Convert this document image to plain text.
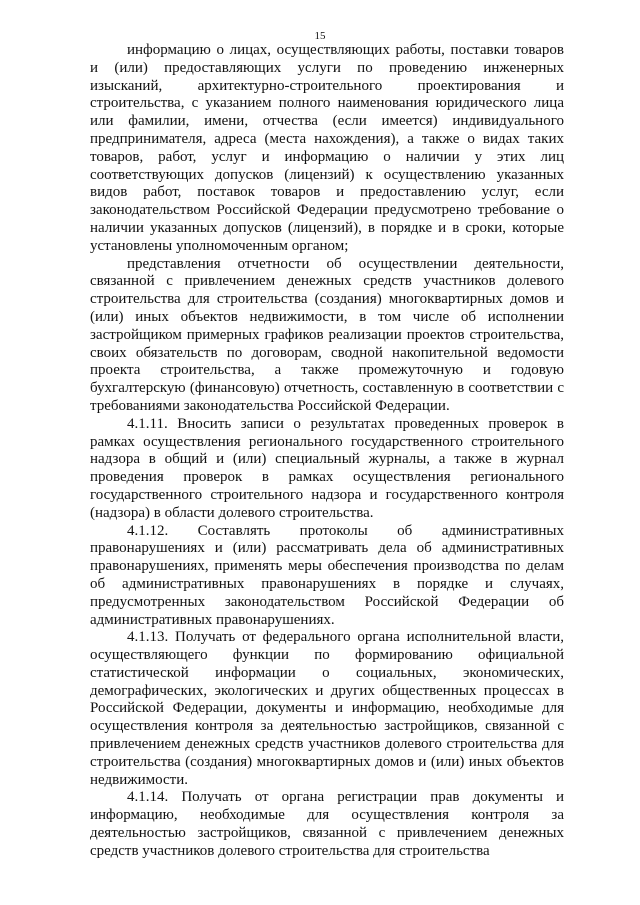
15

информацию о лицах, осуществляющих работы, поставки товаров и (или) предоставляющих услуги по проведению инженерных изысканий, архитектурно-строительного проектирования и строительства, с указанием полного наименования юридического лица или фамилии, имени, отчества (если имеется) индивидуального предпринимателя, адреса (места нахождения), а также о видах таких товаров, работ, услуг и информацию о наличии у этих лиц соответствующих допусков (лицензий) к осуществлению указанных видов работ, поставок товаров и предоставлению услуг, если законодательством Российской Федерации предусмотрено требование о наличии указанных допусков (лицензий), в порядке и в сроки, которые установлены уполномоченным органом;

представления отчетности об осуществлении деятельности, связанной с привлечением денежных средств участников долевого строительства для строительства (создания) многоквартирных домов и (или) иных объектов недвижимости, в том числе об исполнении застройщиком примерных графиков реализации проектов строительства, своих обязательств по договорам, сводной накопительной ведомости проекта строительства, а также промежуточную и годовую бухгалтерскую (финансовую) отчетность, составленную в соответствии с требованиями законодательства Российской Федерации.

4.1.11. Вносить записи о результатах проведенных проверок в рамках осуществления регионального государственного строительного надзора в общий и (или) специальный журналы, а также в журнал проведения проверок в рамках осуществления регионального государственного строительного надзора и государственного контроля (надзора) в области долевого строительства.

4.1.12. Составлять протоколы об административных правонарушениях и (или) рассматривать дела об административных правонарушениях, применять меры обеспечения производства по делам об административных правонарушениях в порядке и случаях, предусмотренных законодательством Российской Федерации об административных правонарушениях.

4.1.13. Получать от федерального органа исполнительной власти, осуществляющего функции по формированию официальной статистической информации о социальных, экономических, демографических, экологических и других общественных процессах в Российской Федерации, документы и информацию, необходимые для осуществления контроля за деятельностью застройщиков, связанной с привлечением денежных средств участников долевого строительства для строительства (создания) многоквартирных домов и (или) иных объектов недвижимости.

4.1.14. Получать от органа регистрации прав документы и информацию, необходимые для осуществления контроля за деятельностью застройщиков, связанной с привлечением денежных средств участников долевого строительства для строительства
